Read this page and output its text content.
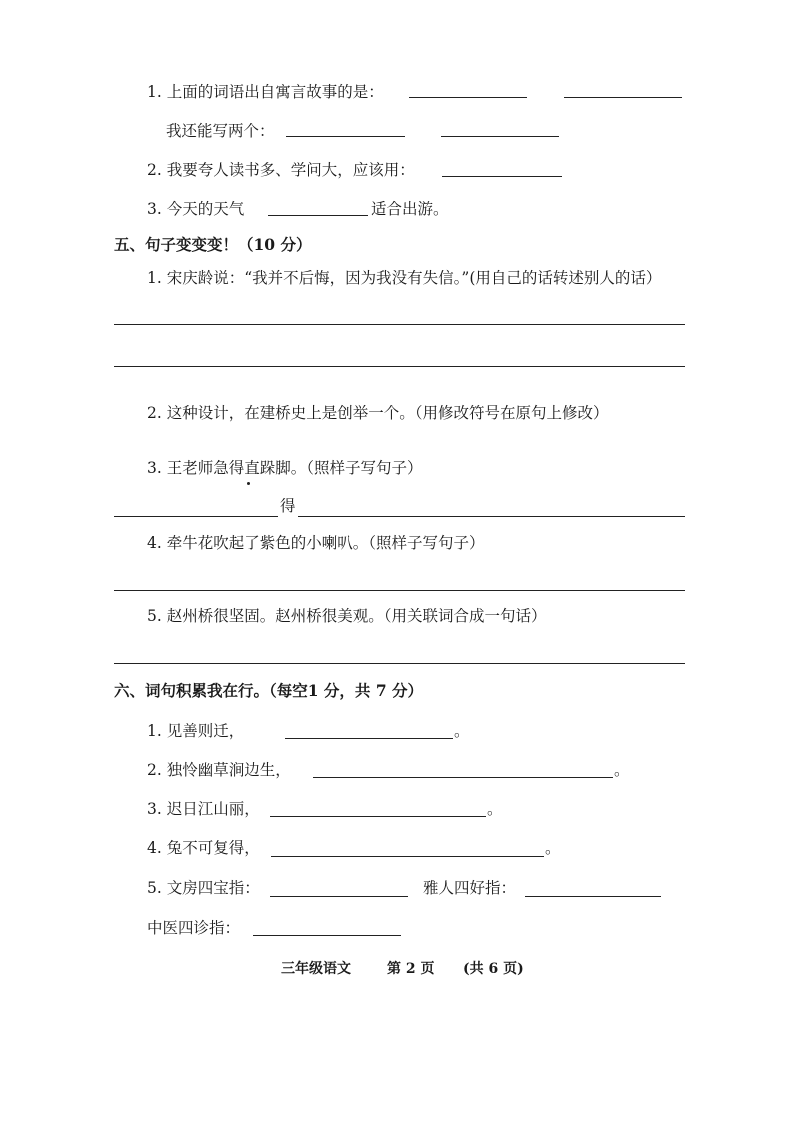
1. 上面的词语出自寓言故事的是：
我还能写两个：
2. 我要夸人读书多、学问大，应该用：
3. 今天的天气	适合出游。
五、句子变变变！（10 分）
1. 宋庆龄说：“我并不后悔，因为我没有失信。”(用自己的话转述别人的话）
2. 这种设计，在建桥史上是创举一个。（用修改符号在原句上修改）
3. 王老师急得直跺脚。（照样子写句子）
得
4. 牵牛花吹起了紫色的小喇叭。（照样子写句子）
5. 赵州桥很坚固。赵州桥很美观。（用关联词合成一句话）
六、词句积累我在行。（每空1 分，共 7 分）
1. 见善则迁，	。
2. 独怜幽草涧边生，	。
3. 迟日江山丽，	。
4. 兔不可复得，	。
5. 文房四宝指：	雅人四好指：
中医四诊指：
三年级语文	第 2 页 (共 6 页)
